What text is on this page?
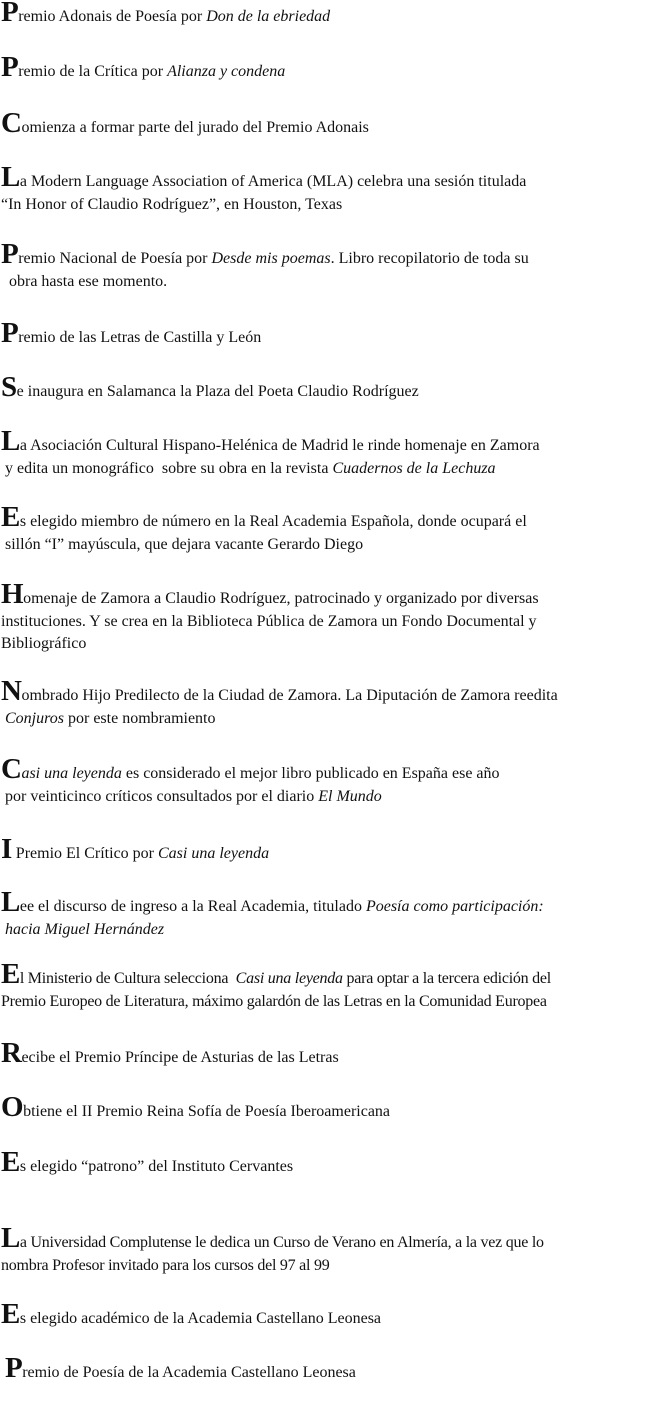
Premio Adonais de Poesía por Don de la ebriedad

Premio de la Crítica por Alianza y condena

Comienza a formar parte del jurado del Premio Adonais

La Modern Language Association of America (MLA) celebra una sesión titulada
“In Honor of Claudio Rodríguez”, en Houston, Texas

Premio Nacional de Poesía por Desde mis poemas. Libro recopilatorio de toda su
obra hasta ese momento.

Premio de las Letras de Castilla y León

Se inaugura en Salamanca la Plaza del Poeta Claudio Rodríguez

La Asociación Cultural Hispano-Helénica de Madrid le rinde homenaje en Zamora
y edita un monográfico  sobre su obra en la revista Cuadernos de la Lechuza

Es elegido miembro de número en la Real Academia Española, donde ocupará el
sillón “I” mayúscula, que dejara vacante Gerardo Diego

Homenaje de Zamora a Claudio Rodríguez, patrocinado y organizado por diversas
instituciones. Y se crea en la Biblioteca Pública de Zamora un Fondo Documental y
Bibliográfico

Nombrado Hijo Predilecto de la Ciudad de Zamora. La Diputación de Zamora reedita
Conjuros por este nombramiento

Casi una leyenda es considerado el mejor libro publicado en España ese año
por veinticinco críticos consultados por el diario El Mundo

I Premio El Crítico por Casi una leyenda

Lee el discurso de ingreso a la Real Academia, titulado Poesía como participación:
hacia Miguel Hernández

El Ministerio de Cultura selecciona  Casi una leyenda para optar a la tercera edición del
Premio Europeo de Literatura, máximo galardón de las Letras en la Comunidad Europea

Recibe el Premio Príncipe de Asturias de las Letras

Obtiene el II Premio Reina Sofía de Poesía Iberoamericana

Es elegido “patrono” del Instituto Cervantes

La Universidad Complutense le dedica un Curso de Verano en Almería, a la vez que lo
nombra Profesor invitado para los cursos del 97 al 99

Es elegido académico de la Academia Castellano Leonesa

Premio de Poesía de la Academia Castellano Leonesa
